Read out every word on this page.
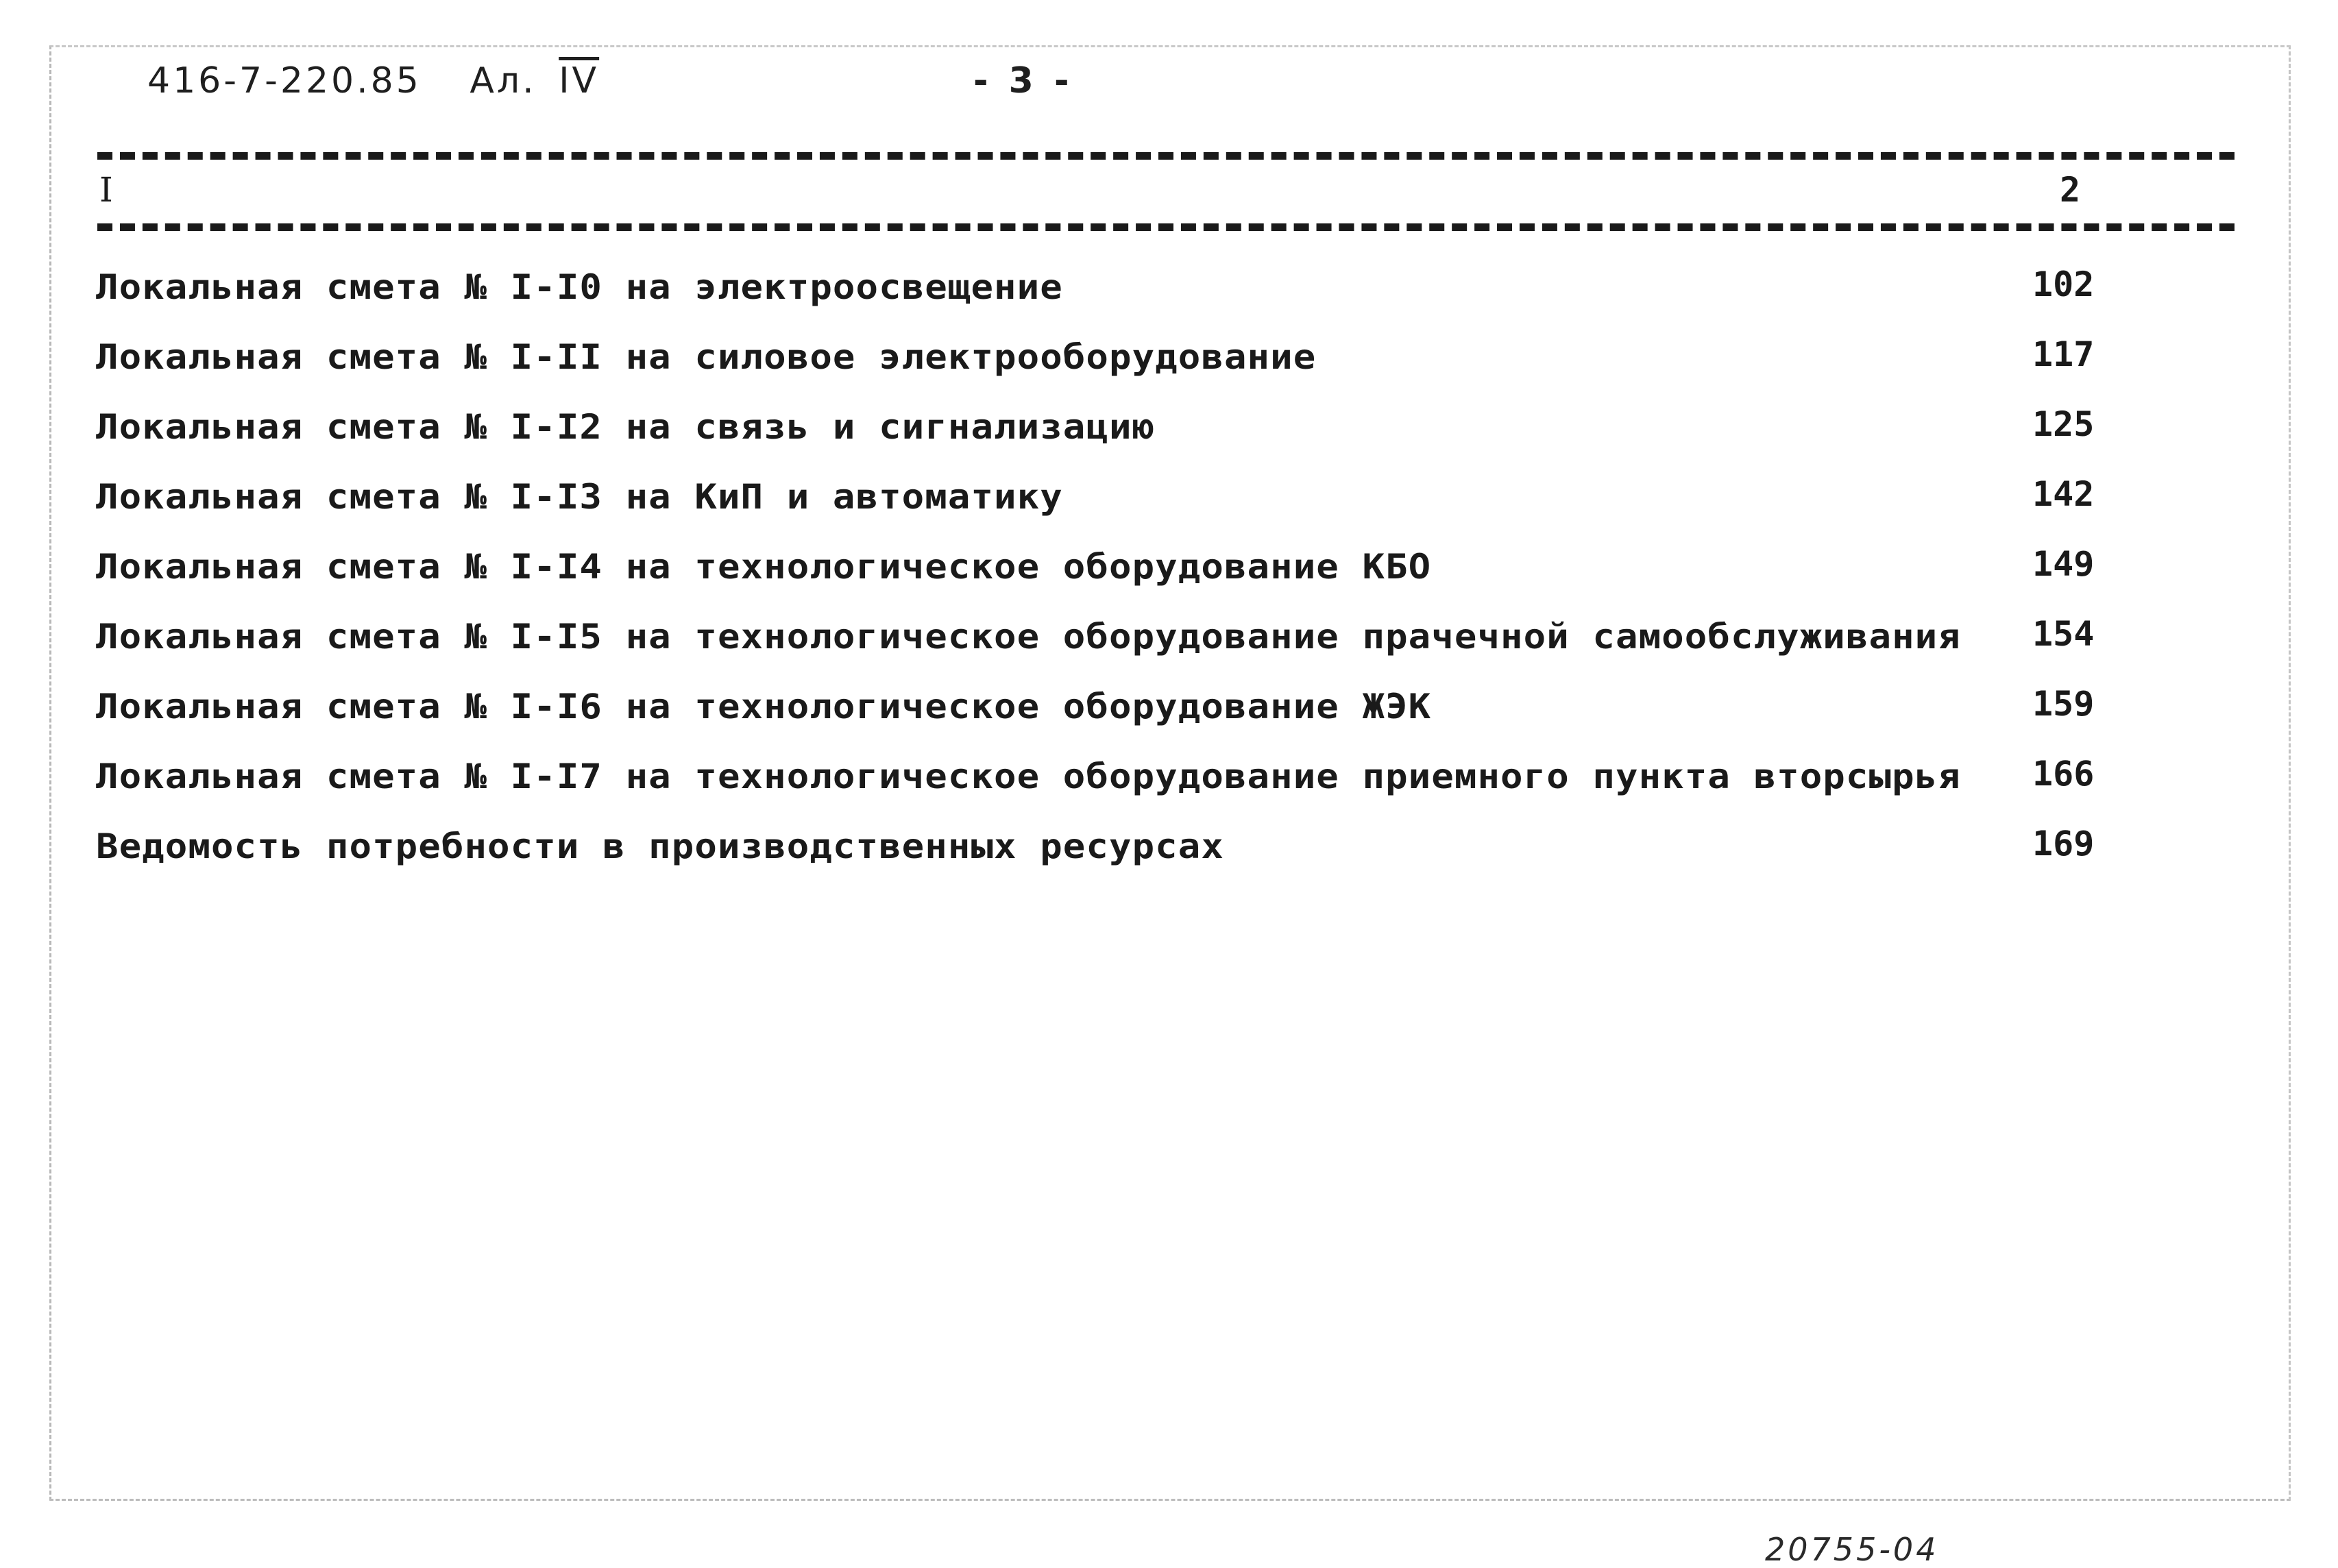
416-7-220.85 Ал. $\overline{IV}$	- 3 -
I	2
Локальная смета № I-I0 на электроосвещение	102
Локальная смета № I-II на силовое электрооборудование	117
Локальная смета № I-I2 на связь и сигнализацию	125
Локальная смета № I-I3 на КиП и автоматику	142
Локальная смета № I-I4 на технологическое оборудование КБО	149
Локальная смета № I-I5 на технологическое оборудование прачечной самообслуживания 154
Локальная смета № I-I6 на технологическое оборудование ЖЭК	159
Локальная смета № I-I7 на технологическое оборудование приемного пункта вторсырья 166
Ведомость потребности в производственных ресурсах	169
20755-04
